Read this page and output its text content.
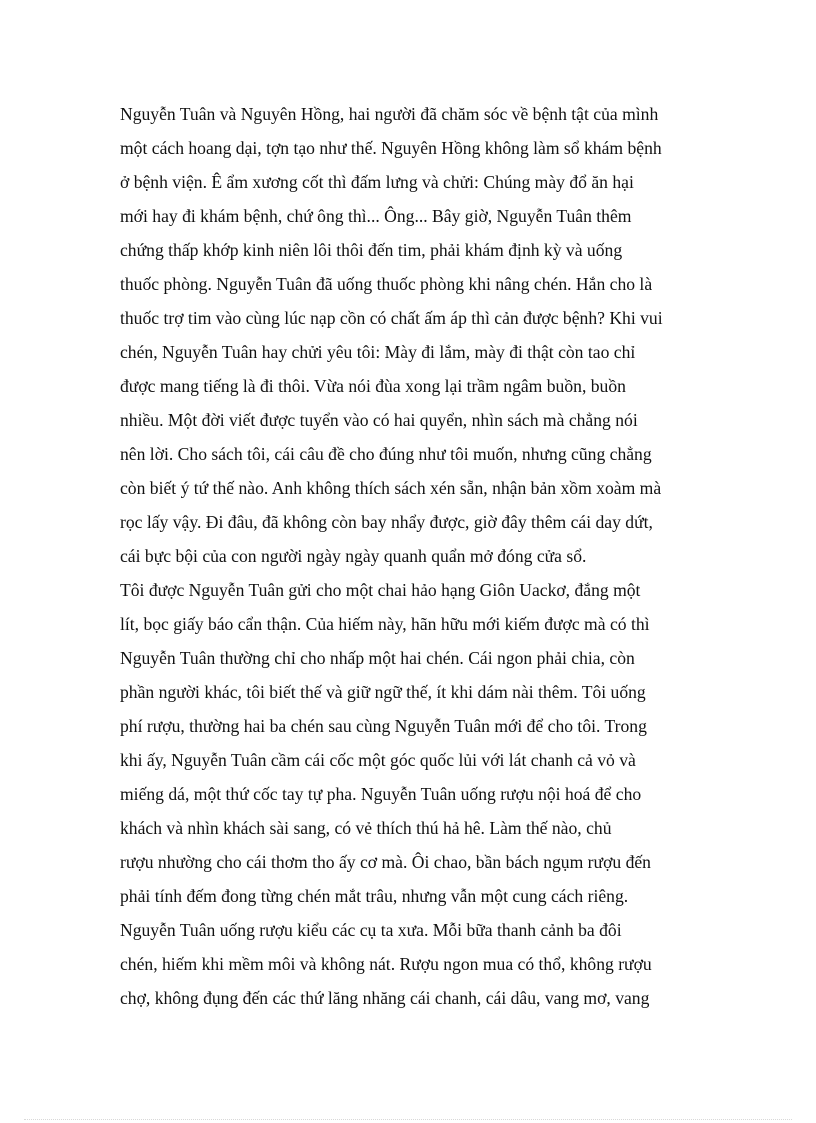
Nguyễn Tuân và Nguyên Hồng, hai người đã chăm sóc về bệnh tật của mình
một cách hoang dại, tợn tạo như thế. Nguyên Hồng không làm sổ khám bệnh
ở bệnh viện. Ê ẩm xương cốt thì đấm lưng và chửi: Chúng mày đổ ăn hại
mới hay đi khám bệnh, chứ ông thì... Ông... Bây giờ, Nguyễn Tuân thêm
chứng thấp khớp kinh niên lôi thôi đến tim, phải khám định kỳ và uống
thuốc phòng. Nguyễn Tuân đã uống thuốc phòng khi nâng chén. Hắn cho là
thuốc trợ tim vào cùng lúc nạp cồn có chất ấm áp thì cản được bệnh? Khi vui
chén, Nguyễn Tuân hay chửi yêu tôi: Mày đi lắm, mày đi thật còn tao chỉ
được mang tiếng là đi thôi. Vừa nói đùa xong lại trầm ngâm buồn, buồn
nhiều. Một đời viết được tuyển vào có hai quyển, nhìn sách mà chẳng nói
nên lời. Cho sách tôi, cái câu đề cho đúng như tôi muốn, nhưng cũng chẳng
còn biết ý tứ thế nào. Anh không thích sách xén sẵn, nhận bản xồm xoàm mà
rọc lấy vậy. Đi đâu, đã không còn bay nhẩy được, giờ đây thêm cái day dứt,
cái bực bội của con người ngày ngày quanh quẩn mở đóng cửa sổ.
Tôi được Nguyễn Tuân gửi cho một chai hảo hạng Giôn Uackơ, đắng một
lít, bọc giấy báo cẩn thận. Của hiếm này, hãn hữu mới kiếm được mà có thì
Nguyễn Tuân thường chỉ cho nhấp một hai chén. Cái ngon phải chia, còn
phần người khác, tôi biết thế và giữ ngữ thế, ít khi dám nài thêm. Tôi uống
phí rượu, thường hai ba chén sau cùng Nguyễn Tuân mới để cho tôi. Trong
khi ấy, Nguyễn Tuân cầm cái cốc một góc quốc lủi với lát chanh cả vỏ và
miếng dá, một thứ cốc tay tự pha. Nguyễn Tuân uống rượu nội hoá để cho
khách và nhìn khách sài sang, có vẻ thích thú hả hê. Làm thế nào, chủ
rượu nhường cho cái thơm tho ấy cơ mà. Ôi chao, bần bách ngụm rượu đến
phải tính đếm đong từng chén mắt trâu, nhưng vẫn một cung cách riêng.
Nguyễn Tuân uống rượu kiểu các cụ ta xưa. Mỗi bữa thanh cảnh ba đôi
chén, hiếm khi mềm môi và không nát. Rượu ngon mua có thổ, không rượu
chợ, không đụng đến các thứ lăng nhăng cái chanh, cái dâu, vang mơ, vang
